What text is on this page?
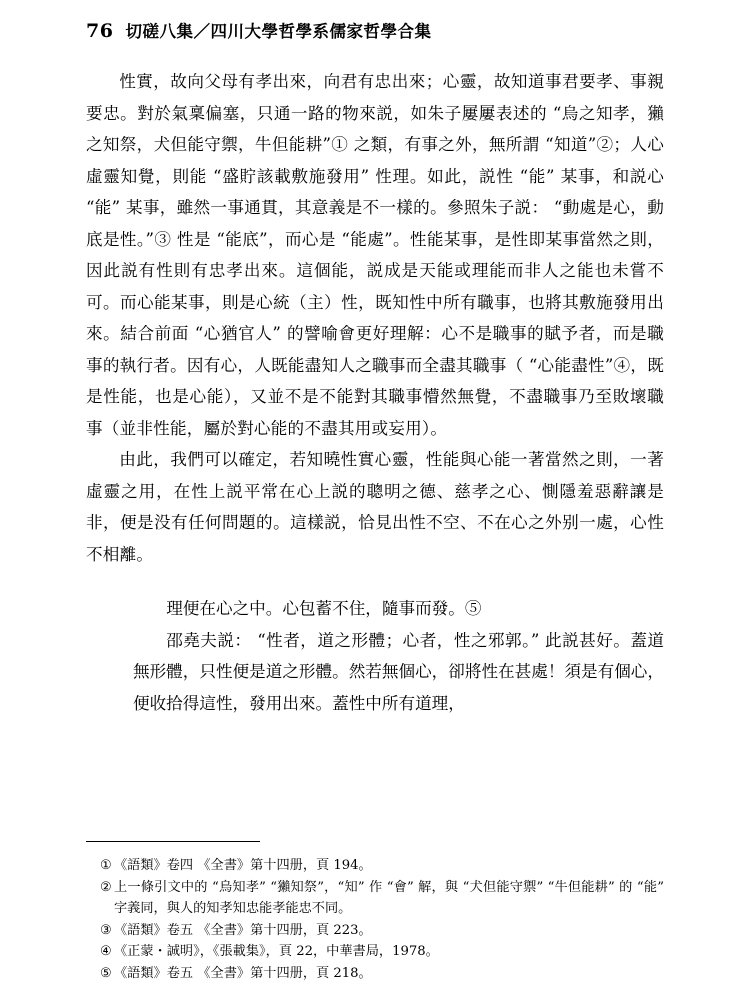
76 切磋八集／四川大學哲學系儒家哲學合集

性實，故向父母有孝出來，向君有忠出來；心靈，故知道事君要孝、事親要忠。對於氣稟偏塞，只通一路的物來説，如朱子屢屢表述的 “烏之知孝，獺之知祭，犬但能守禦，牛但能耕”① 之類，有事之外，無所謂 “知道”②；人心虛靈知覺，則能 “盛貯該載敷施發用” 性理。如此，説性 “能” 某事，和説心 “能” 某事，雖然一事通貫，其意義是不一樣的。參照朱子説： “動處是心，動底是性。”③ 性是 “能底”，而心是 “能處”。性能某事，是性即某事當然之則，因此説有性則有忠孝出來。這個能，説成是天能或理能而非人之能也未嘗不可。而心能某事，則是心統（主）性，既知性中所有職事，也將其敷施發用出來。結合前面 “心猶官人” 的譬喻會更好理解：心不是職事的賦予者，而是職事的執行者。因有心，人既能盡知人之職事而全盡其職事（ “心能盡性”④，既是性能，也是心能），又並不是不能對其職事懵然無覺，不盡職事乃至敗壞職事（並非性能，屬於對心能的不盡其用或妄用）。

由此，我們可以確定，若知曉性實心靈，性能與心能一著當然之則，一著虛靈之用，在性上説平常在心上説的聰明之德、慈孝之心、惻隱羞惡辭讓是非，便是没有任何問題的。這樣説，恰見出性不空、不在心之外别一處，心性不相離。

理便在心之中。心包蓄不住，隨事而發。⑤

邵堯夫説： “性者，道之形體；心者，性之邪郭。” 此説甚好。蓋道無形體，只性便是道之形體。然若無個心，卻將性在甚處！須是有個心，便收拾得這性，發用出來。蓋性中所有道理，

① 《語類》卷四 《全書》第十四册，頁 194。
② 上一條引文中的 “烏知孝” “獺知祭”，“知” 作 “會” 解，與 “犬但能守禦” “牛但能耕” 的 “能” 字義同，與人的知孝知忠能孝能忠不同。
③ 《語類》卷五 《全書》第十四册，頁 223。
④ 《正蒙・誠明》，《張載集》，頁 22，中華書局，1978。
⑤ 《語類》卷五 《全書》第十四册，頁 218。
